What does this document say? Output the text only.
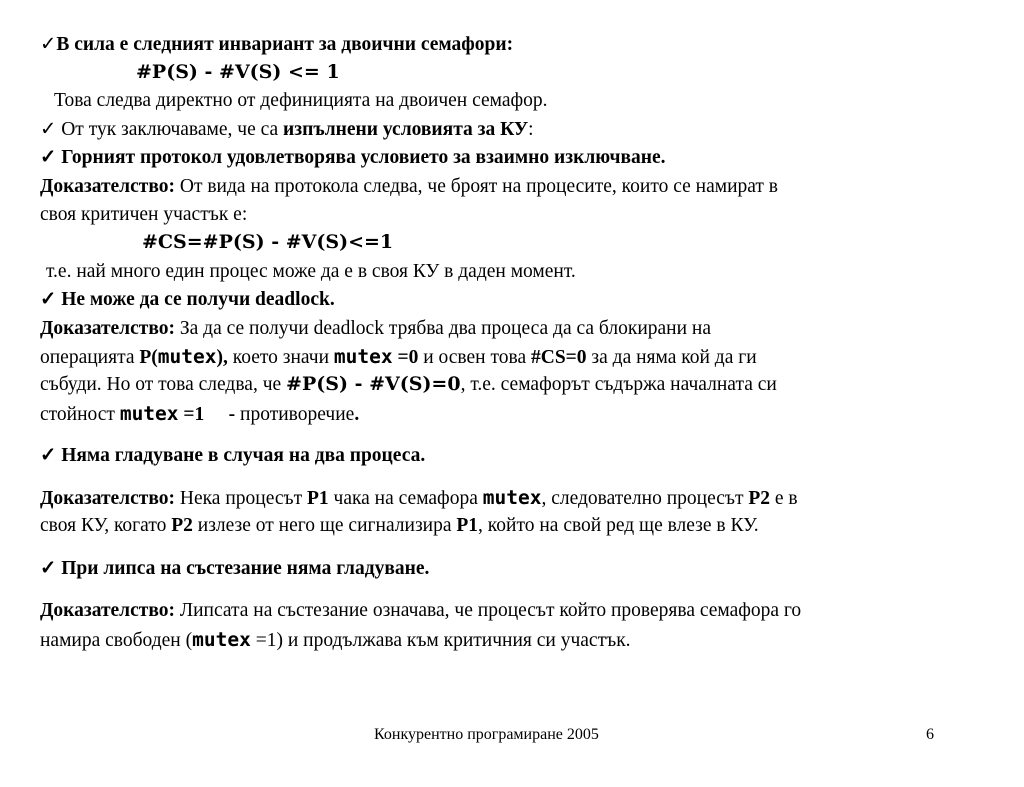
✓В сила е следният инвариант за двоични семафори:
#P(S) - #V(S) <= 1
Това следва директно от дефиницията на двоичен семафор.
✓ От тук заключаваме, че са изпълнени условията за КУ:
✓ Горният протокол удовлетворява условието за взаимно изключване.
Доказателство: От вида на протокола следва, че броят на процесите, които се намират в
своя критичен участък е:
#CS=#P(S) - #V(S)<=1
т.е. най много един процес може да е в своя КУ в даден момент.
✓ Не може да се получи deadlock.
Доказателство: За да се получи deadlock трябва два процеса да са блокирани на
операцията P(mutex), което значи mutex =0 и освен това #CS=0 за да няма кой да ги
събуди. Но от това следва, че #P(S) - #V(S)=0, т.е. семафорът съдържа началната си
стойност mutex =1     - противоречие.
✓ Няма гладуване в случая на два процеса.
Доказателство: Нека процесът P1 чака на семафора mutex, следователно процесът P2 е в
своя КУ, когато P2 излезе от него ще сигнализира P1, който на свой ред ще влезе в КУ.
✓ При липса на състезание няма гладуване.
Доказателство: Липсата на състезание означава, че процесът който проверява семафора го
намира свободен (mutex =1) и продължава към критичния си участък.
Конкурентно програмиране 2005	6
